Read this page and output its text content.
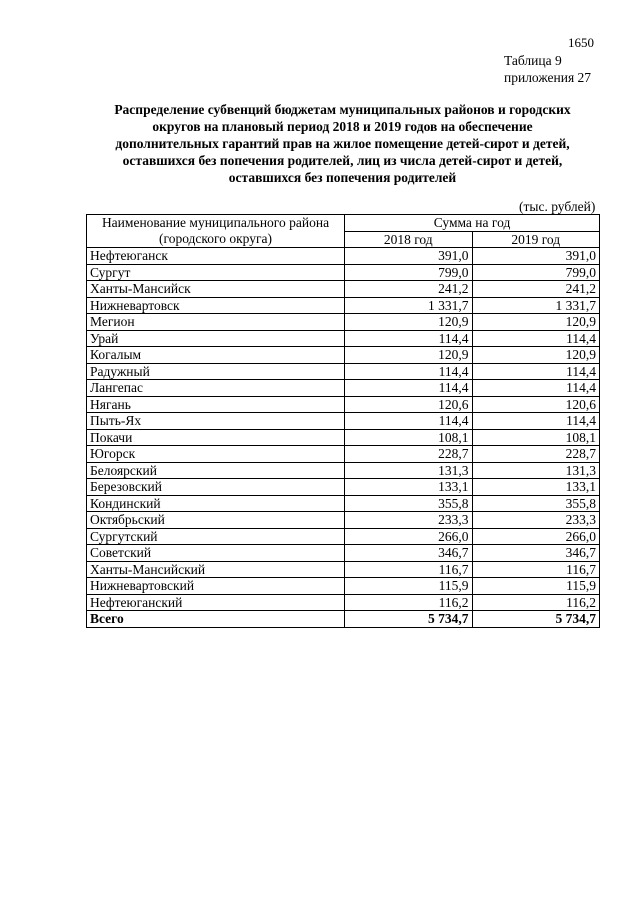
1650
Таблица 9
приложения 27
Распределение субвенций бюджетам муниципальных районов и городских
округов на плановый период 2018 и 2019 годов на обеспечение
дополнительных гарантий прав на жилое помещение детей-сирот и детей,
оставшихся без попечения родителей, лиц из числа детей-сирот и детей,
оставшихся без попечения родителей
(тыс. рублей)
Наименование муниципального района
(городского округа)	Сумма на год	
	2018 год	2019 год
Нефтеюганск	391,0	391,0
Сургут	799,0	799,0
Ханты-Мансийск	241,2	241,2
Нижневартовск	1 331,7	1 331,7
Мегион	120,9	120,9
Урай	114,4	114,4
Когалым	120,9	120,9
Радужный	114,4	114,4
Лангепас	114,4	114,4
Нягань	120,6	120,6
Пыть-Ях	114,4	114,4
Покачи	108,1	108,1
Югорск	228,7	228,7
Белоярский	131,3	131,3
Березовский	133,1	133,1
Кондинский	355,8	355,8
Октябрьский	233,3	233,3
Сургутский	266,0	266,0
Советский	346,7	346,7
Ханты-Мансийский	116,7	116,7
Нижневартовский	115,9	115,9
Нефтеюганский	116,2	116,2
Всего	5 734,7	5 734,7
